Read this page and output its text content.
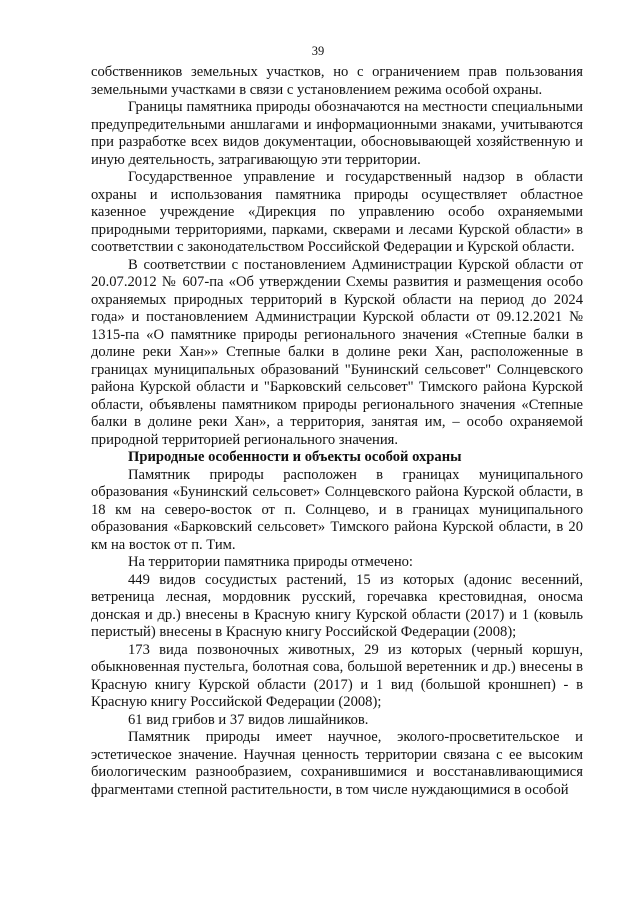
39

собственников земельных участков, но с ограничением прав пользования земельными участками в связи с установлением режима особой охраны.

Границы памятника природы обозначаются на местности специальными предупредительными аншлагами и информационными знаками, учитываются при разработке всех видов документации, обосновывающей хозяйственную и иную деятельность, затрагивающую эти территории.

Государственное управление и государственный надзор в области охраны и использования памятника природы осуществляет областное казенное учреждение «Дирекция по управлению особо охраняемыми природными территориями, парками, скверами и лесами Курской области» в соответствии с законодательством Российской Федерации и Курской области.

В соответствии с постановлением Администрации Курской области от 20.07.2012 № 607-па «Об утверждении Схемы развития и размещения особо охраняемых природных территорий в Курской области на период до 2024 года» и постановлением Администрации Курской области от 09.12.2021 № 1315-па «О памятнике природы регионального значения «Степные балки в долине реки Хан»» Степные балки в долине реки Хан, расположенные в границах муниципальных образований "Бунинский сельсовет" Солнцевского района Курской области и "Барковский сельсовет" Тимского района Курской области, объявлены памятником природы регионального значения «Степные балки в долине реки Хан», а территория, занятая им, – особо охраняемой природной территорией регионального значения.

Природные особенности и объекты особой охраны

Памятник природы расположен в границах муниципального образования «Бунинский сельсовет» Солнцевского района Курской области, в 18 км на северо-восток от п. Солнцево, и в границах муниципального образования «Барковский сельсовет» Тимского района Курской области, в 20 км на восток от п. Тим.

На территории памятника природы отмечено:

449 видов сосудистых растений, 15 из которых (адонис весенний, ветреница лесная, мордовник русский, горечавка крестовидная, оносма донская и др.) внесены в Красную книгу Курской области (2017) и 1 (ковыль перистый) внесены в Красную книгу Российской Федерации (2008);

173 вида позвоночных животных, 29 из которых (черный коршун, обыкновенная пустельга, болотная сова, большой веретенник и др.) внесены в Красную книгу Курской области (2017) и 1 вид (большой кроншнеп) - в Красную книгу Российской Федерации (2008);

61 вид грибов и 37 видов лишайников.

Памятник природы имеет научное, эколого-просветительское и эстетическое значение. Научная ценность территории связана с ее высоким биологическим разнообразием, сохранившимися и восстанавливающимися фрагментами степной растительности, в том числе нуждающимися в особой
